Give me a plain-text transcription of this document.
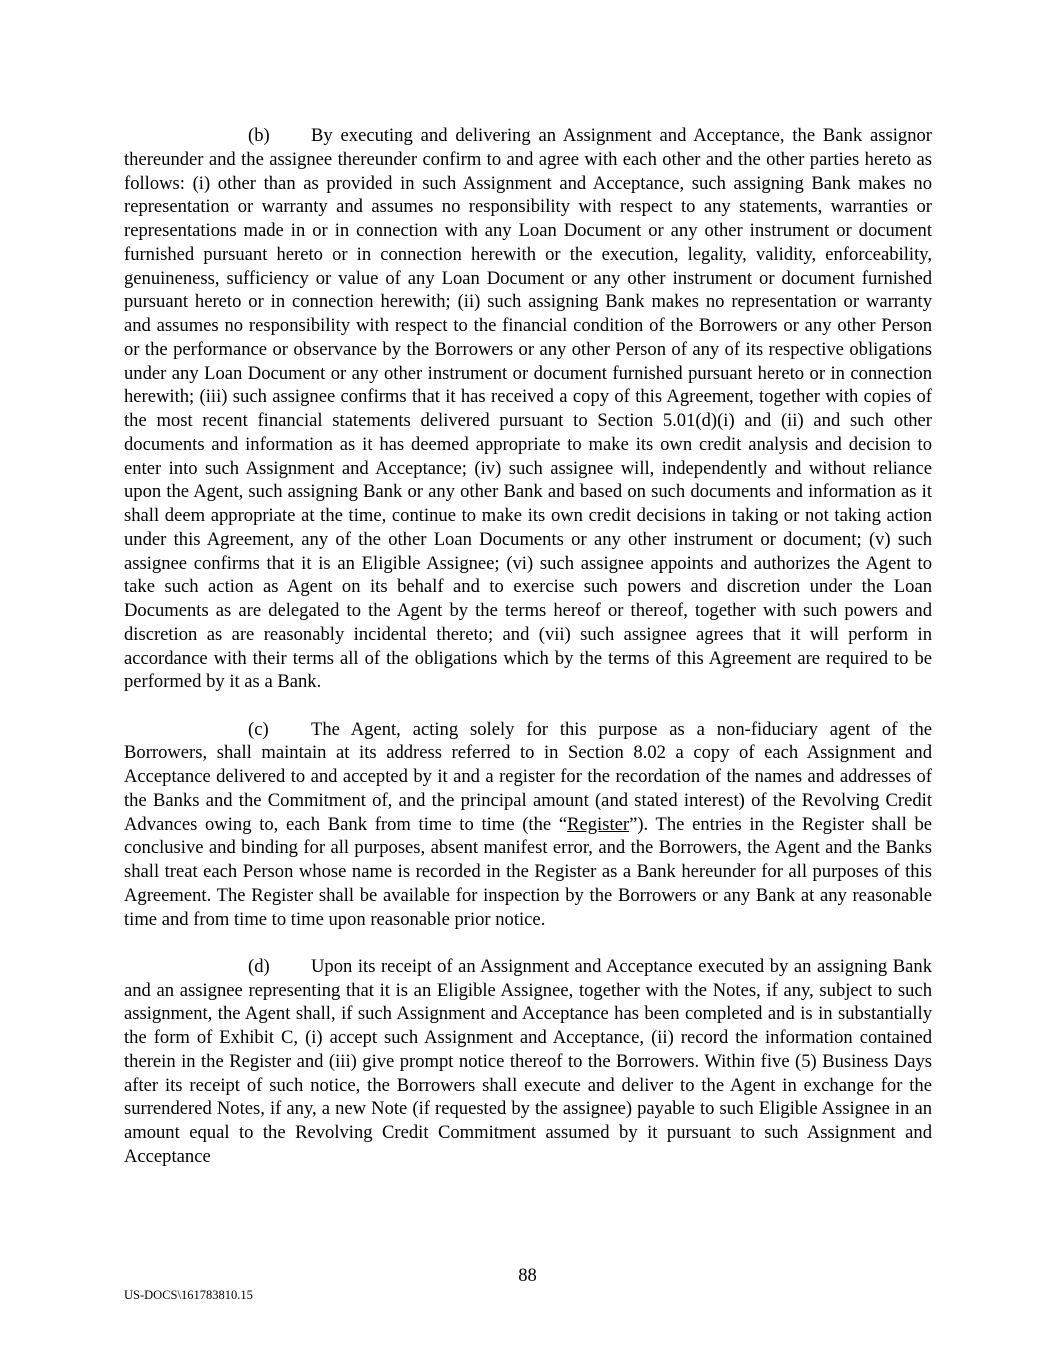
(b) By executing and delivering an Assignment and Acceptance, the Bank assignor thereunder and the assignee thereunder confirm to and agree with each other and the other parties hereto as follows: (i) other than as provided in such Assignment and Acceptance, such assigning Bank makes no representation or warranty and assumes no responsibility with respect to any statements, warranties or representations made in or in connection with any Loan Document or any other instrument or document furnished pursuant hereto or in connection herewith or the execution, legality, validity, enforceability, genuineness, sufficiency or value of any Loan Document or any other instrument or document furnished pursuant hereto or in connection herewith; (ii) such assigning Bank makes no representation or warranty and assumes no responsibility with respect to the financial condition of the Borrowers or any other Person or the performance or observance by the Borrowers or any other Person of any of its respective obligations under any Loan Document or any other instrument or document furnished pursuant hereto or in connection herewith; (iii) such assignee confirms that it has received a copy of this Agreement, together with copies of the most recent financial statements delivered pursuant to Section 5.01(d)(i) and (ii) and such other documents and information as it has deemed appropriate to make its own credit analysis and decision to enter into such Assignment and Acceptance; (iv) such assignee will, independently and without reliance upon the Agent, such assigning Bank or any other Bank and based on such documents and information as it shall deem appropriate at the time, continue to make its own credit decisions in taking or not taking action under this Agreement, any of the other Loan Documents or any other instrument or document; (v) such assignee confirms that it is an Eligible Assignee; (vi) such assignee appoints and authorizes the Agent to take such action as Agent on its behalf and to exercise such powers and discretion under the Loan Documents as are delegated to the Agent by the terms hereof or thereof, together with such powers and discretion as are reasonably incidental thereto; and (vii) such assignee agrees that it will perform in accordance with their terms all of the obligations which by the terms of this Agreement are required to be performed by it as a Bank.

(c) The Agent, acting solely for this purpose as a non-fiduciary agent of the Borrowers, shall maintain at its address referred to in Section 8.02 a copy of each Assignment and Acceptance delivered to and accepted by it and a register for the recordation of the names and addresses of the Banks and the Commitment of, and the principal amount (and stated interest) of the Revolving Credit Advances owing to, each Bank from time to time (the “Register”). The entries in the Register shall be conclusive and binding for all purposes, absent manifest error, and the Borrowers, the Agent and the Banks shall treat each Person whose name is recorded in the Register as a Bank hereunder for all purposes of this Agreement. The Register shall be available for inspection by the Borrowers or any Bank at any reasonable time and from time to time upon reasonable prior notice.

(d) Upon its receipt of an Assignment and Acceptance executed by an assigning Bank and an assignee representing that it is an Eligible Assignee, together with the Notes, if any, subject to such assignment, the Agent shall, if such Assignment and Acceptance has been completed and is in substantially the form of Exhibit C, (i) accept such Assignment and Acceptance, (ii) record the information contained therein in the Register and (iii) give prompt notice thereof to the Borrowers. Within five (5) Business Days after its receipt of such notice, the Borrowers shall execute and deliver to the Agent in exchange for the surrendered Notes, if any, a new Note (if requested by the assignee) payable to such Eligible Assignee in an amount equal to the Revolving Credit Commitment assumed by it pursuant to such Assignment and Acceptance

88
US-DOCS\161783810.15
